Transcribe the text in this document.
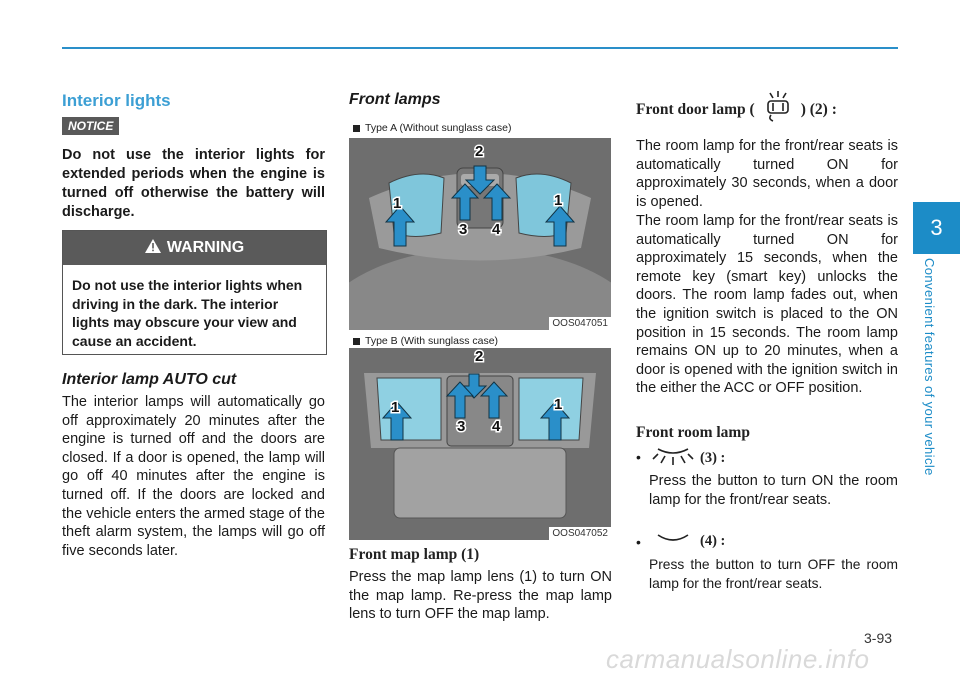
3
Convenient features of your vehicle
Interior lights
NOTICE

Do not use the interior lights for extended periods when the engine is turned off otherwise the battery will discharge.

WARNING
Do not use the interior lights when driving in the dark. The interior lights may obscure your view and cause an accident.
Interior lamp AUTO cut

The interior lamps will automatically go off approximately 20 minutes after the engine is turned off and the doors are closed. If a door is opened, the lamp will go off 40 minutes after the engine is turned off. If the doors are locked and the vehicle enters the armed stage of the theft alarm system, the lamps will go off five seconds later.

Front lamps
Type A (Without sunglass case)
2
1	1
3 4
OOS047051
Type B (With sunglass case)
2
1	1
3 4
OOS047052
Front map lamp (1)

Press the map lamp lens (1) to turn ON the map lamp. Re-press the map lamp lens to turn OFF the map lamp.

Front door lamp (	) (2) :

The room lamp for the front/rear seats is automatically turned ON for approximately 30 seconds, when a door is opened.

The room lamp for the front/rear seats is automatically turned ON for approximately 15 seconds, when the remote key (smart key) unlocks the doors. The room lamp fades out, when the ignition switch is placed to the ON position in 15 seconds. The room lamp remains ON up to 20 minutes, when a door is opened with the ignition switch in the either the ACC or OFF position.

Front room lamp
•	(3) :

Press the button to turn ON the room lamp for the front/rear seats.

•	(4) :

Press the button to turn OFF the room lamp for the front/rear seats.

3-93
carmanualsonline.info
